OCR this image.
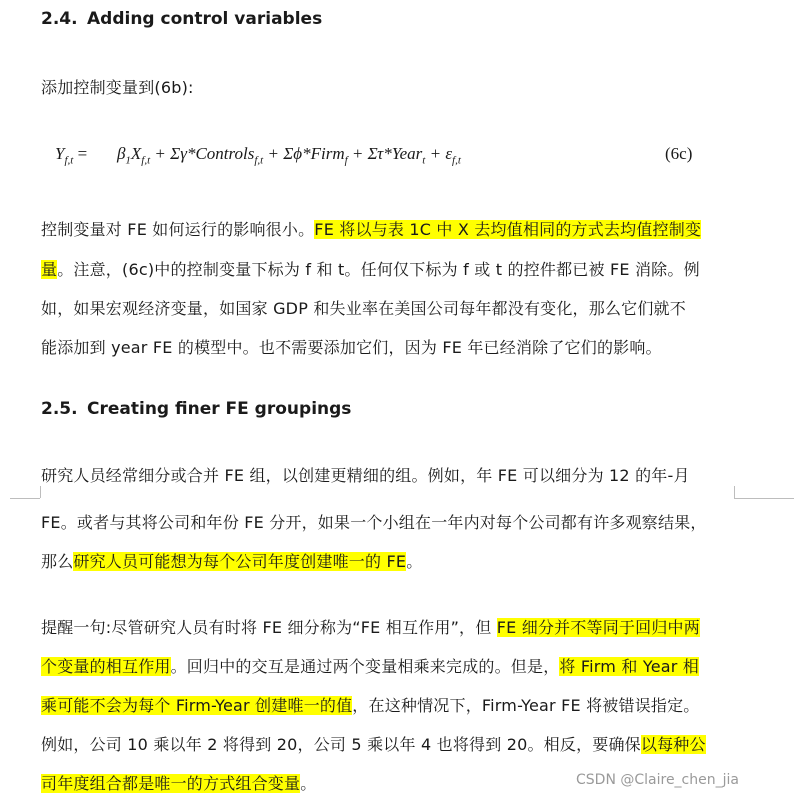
2.4. Adding control variables
添加控制变量到(6b):
$Y_{f,t}$ =       $\beta_1X_{f,t}$ + Σγ*Controls$_{f,t}$ + Σϕ*Firm$_f$ + Στ*Year$_t$ + $\varepsilon_{f,t}$	(6c)
控制变量对 FE 如何运行的影响很小。FE 将以与表 1C 中 X 去均值相同的方式去均值控制变
量。注意，(6c)中的控制变量下标为 f 和 t。任何仅下标为 f 或 t 的控件都已被 FE 消除。例
如，如果宏观经济变量，如国家 GDP 和失业率在美国公司每年都没有变化，那么它们就不
能添加到 year FE 的模型中。也不需要添加它们，因为 FE 年已经消除了它们的影响。
2.5. Creating finer FE groupings
研究人员经常细分或合并 FE 组，以创建更精细的组。例如，年 FE 可以细分为 12 的年-月
FE。或者与其将公司和年份 FE 分开，如果一个小组在一年内对每个公司都有许多观察结果，
那么研究人员可能想为每个公司年度创建唯一的 FE。
提醒一句:尽管研究人员有时将 FE 细分称为“FE 相互作用”，但 FE 细分并不等同于回归中两
个变量的相互作用。回归中的交互是通过两个变量相乘来完成的。但是，将 Firm 和 Year 相
乘可能不会为每个 Firm-Year 创建唯一的值，在这种情况下，Firm-Year FE 将被错误指定。
例如，公司 10 乘以年 2 将得到 20，公司 5 乘以年 4 也将得到 20。相反，要确保以每种公
司年度组合都是唯一的方式组合变量。	CSDN @Claire_chen_jia
